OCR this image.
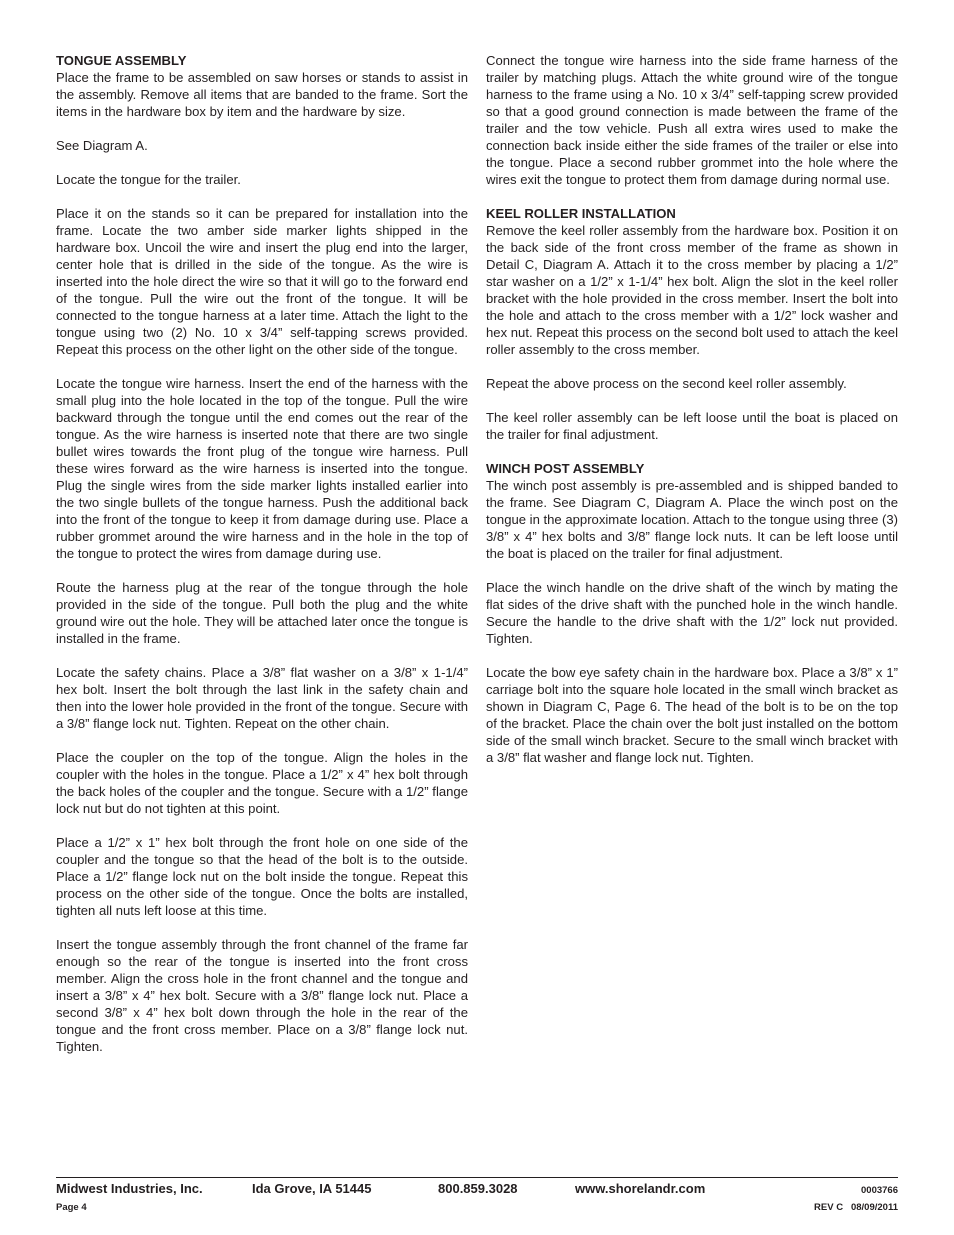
TONGUE ASSEMBLY

Place the frame to be assembled on saw horses or stands to assist in the assembly. Remove all items that are banded to the frame. Sort the items in the hardware box by item and the hardware by size.

See Diagram A.

Locate the tongue for the trailer.

Place it on the stands so it can be prepared for installation into the frame. Locate the two amber side marker lights shipped in the hardware box. Uncoil the wire and insert the plug end into the larger, center hole that is drilled in the side of the tongue. As the wire is inserted into the hole direct the wire so that it will go to the forward end of the tongue. Pull the wire out the front of the tongue. It will be connected to the tongue harness at a later time. Attach the light to the tongue using two (2) No. 10 x 3/4” self-tapping screws provided. Repeat this process on the other light on the other side of the tongue.

Locate the tongue wire harness. Insert the end of the harness with the small plug into the hole located in the top of the tongue. Pull the wire backward through the tongue until the end comes out the rear of the tongue. As the wire harness is inserted note that there are two single bullet wires towards the front plug of the tongue wire harness. Pull these wires forward as the wire harness is inserted into the tongue. Plug the single wires from the side marker lights installed earlier into the two single bullets of the tongue harness. Push the additional back into the front of the tongue to keep it from damage during use. Place a rubber grommet around the wire harness and in the hole in the top of the tongue to protect the wires from damage during use.

Route the harness plug at the rear of the tongue through the hole provided in the side of the tongue. Pull both the plug and the white ground wire out the hole. They will be attached later once the tongue is installed in the frame.

Locate the safety chains. Place a 3/8” flat washer on a 3/8” x 1-1/4” hex bolt. Insert the bolt through the last link in the safety chain and then into the lower hole provided in the front of the tongue. Secure with a 3/8” flange lock nut. Tighten. Repeat on the other chain.

Place the coupler on the top of the tongue. Align the holes in the coupler with the holes in the tongue. Place a 1/2” x 4” hex bolt through the back holes of the coupler and the tongue. Secure with a 1/2” flange lock nut but do not tighten at this point.

Place a 1/2” x 1” hex bolt through the front hole on one side of the coupler and the tongue so that the head of the bolt is to the outside. Place a 1/2” flange lock nut on the bolt inside the tongue. Repeat this process on the other side of the tongue. Once the bolts are installed, tighten all nuts left loose at this time.

Insert the tongue assembly through the front channel of the frame far enough so the rear of the tongue is inserted into the front cross member. Align the cross hole in the front channel and the tongue and insert a 3/8” x 4” hex bolt. Secure with a 3/8” flange lock nut. Place a second 3/8” x 4” hex bolt down through the hole in the rear of the tongue and the front cross member. Place on a 3/8” flange lock nut. Tighten.

Connect the tongue wire harness into the side frame harness of the trailer by matching plugs. Attach the white ground wire of the tongue harness to the frame using a No. 10 x 3/4” self-tapping screw provided so that a good ground connection is made between the frame of the trailer and the tow vehicle. Push all extra wires used to make the connection back inside either the side frames of the trailer or else into the tongue. Place a second rubber grommet into the hole where the wires exit the tongue to protect them from damage during normal use.

KEEL ROLLER INSTALLATION

Remove the keel roller assembly from the hardware box. Position it on the back side of the front cross member of the frame as shown in Detail C, Diagram A. Attach it to the cross member by placing a 1/2” star washer on a 1/2” x 1-1/4” hex bolt. Align the slot in the keel roller bracket with the hole provided in the cross member. Insert the bolt into the hole and attach to the cross member with a 1/2” lock washer and hex nut. Repeat this process on the second bolt used to attach the keel roller assembly to the cross member.

Repeat the above process on the second keel roller assembly.

The keel roller assembly can be left loose until the boat is placed on the trailer for final adjustment.

WINCH POST ASSEMBLY

The winch post assembly is pre-assembled and is shipped banded to the frame. See Diagram C, Diagram A. Place the winch post on the tongue in the approximate location. Attach to the tongue using three (3) 3/8” x 4” hex bolts and 3/8” flange lock nuts. It can be left loose until the boat is placed on the trailer for final adjustment.

Place the winch handle on the drive shaft of the winch by mating the flat sides of the drive shaft with the punched hole in the winch handle. Secure the handle to the drive shaft with the 1/2” lock nut provided. Tighten.

Locate the bow eye safety chain in the hardware box. Place a 3/8” x 1” carriage bolt into the square hole located in the small winch bracket as shown in Diagram C, Page 6. The head of the bolt is to be on the top of the bracket. Place the chain over the bolt just installed on the bottom side of the small winch bracket. Secure to the small winch bracket with a 3/8” flat washer and flange lock nut. Tighten.

Midwest Industries, Inc.	Ida Grove, IA 51445	800.859.3028	www.shorelandr.com	0003766
Page 4	REV C   08/09/2011
